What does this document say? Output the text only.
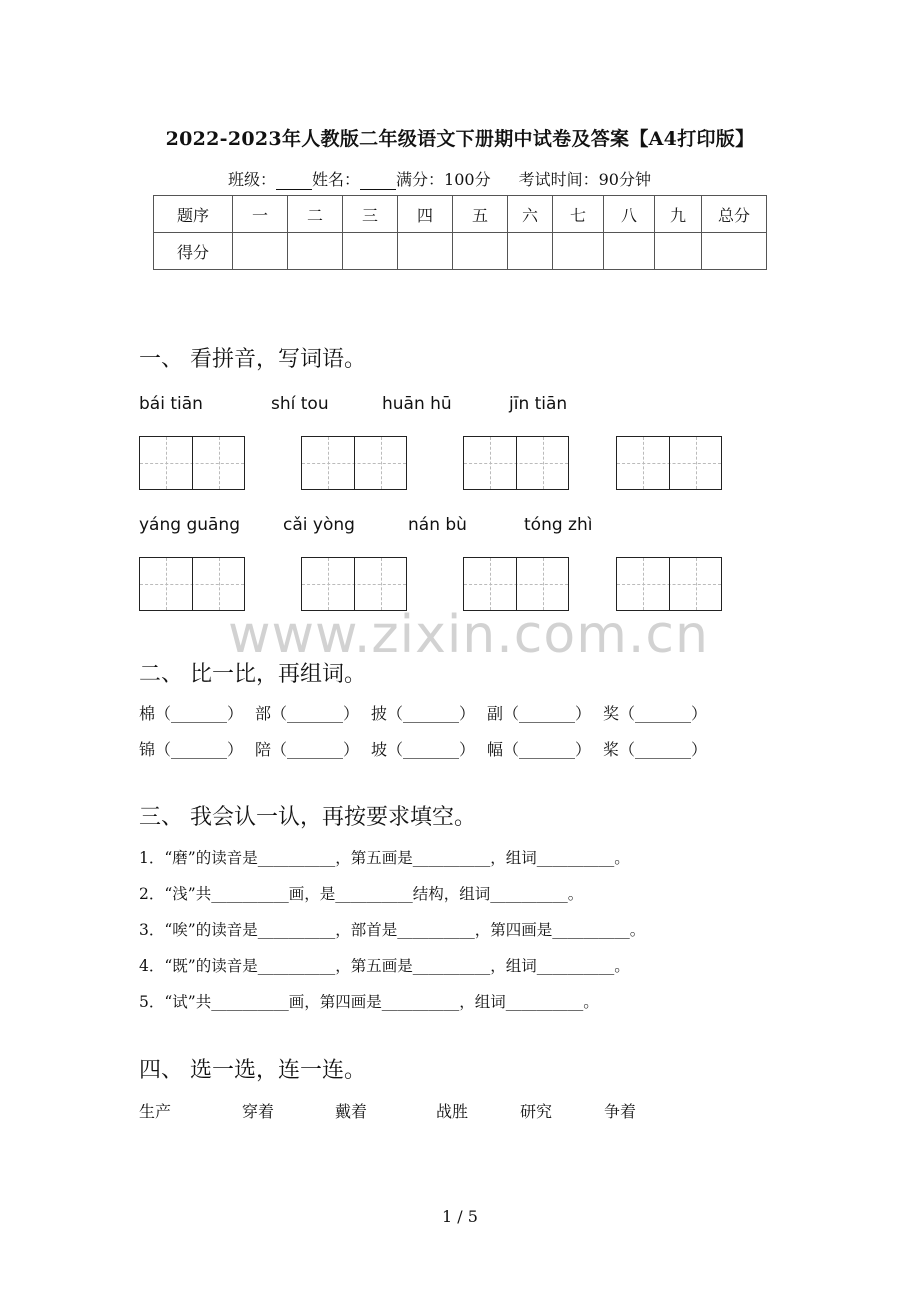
2022-2023年人教版二年级语文下册期中试卷及答案【A4打印版】
班级： 姓名： 满分：100分 考试时间：90分钟
题序	一	二	三	四	五	六	七	八	九	总分
得分										
一、 看拼音，写词语。
bái tiān	shí tou	huān hū	jīn tiān
yáng guāng	cǎi yòng	nán bù	tóng zhì
www.zixin.com.cn
二、 比一比，再组词。
棉（_______） 部（_______） 披（_______） 副（_______） 奖（_______）
锦（_______） 陪（_______） 坡（_______） 幅（_______） 桨（_______）
三、 我会认一认，再按要求填空。
1．“磨”的读音是__________，第五画是__________，组词__________。
2．“浅”共__________画，是__________结构，组词__________。
3．“唉”的读音是__________，部首是__________，第四画是__________。
4．“既”的读音是__________，第五画是__________，组词__________。
5．“试”共__________画，第四画是__________，组词__________。
四、 选一选，连一连。
生产	穿着	戴着	战胜	研究	争着
1 / 5
